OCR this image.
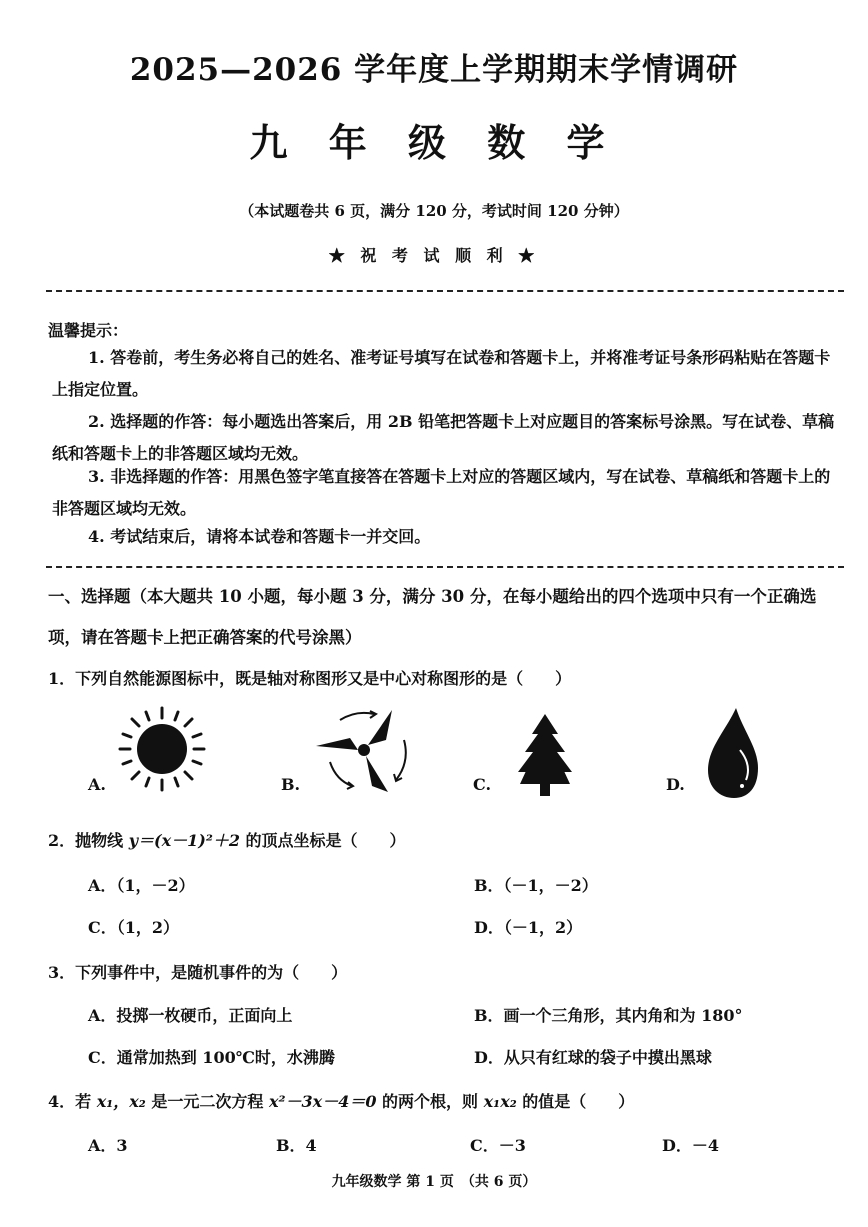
2025—2026 学年度上学期期末学情调研
九 年 级 数 学
（本试题卷共 6 页，满分 120 分，考试时间 120 分钟）
★ 祝 考 试 顺 利 ★
温馨提示：
1. 答卷前，考生务必将自己的姓名、准考证号填写在试卷和答题卡上，并将准考证号条形码粘贴在答题卡上指定位置。
2. 选择题的作答：每小题选出答案后，用 2B 铅笔把答题卡上对应题目的答案标号涂黑。写在试卷、草稿纸和答题卡上的非答题区域均无效。
3. 非选择题的作答：用黑色签字笔直接答在答题卡上对应的答题区域内，写在试卷、草稿纸和答题卡上的非答题区域均无效。
4. 考试结束后，请将本试卷和答题卡一并交回。
一、选择题（本大题共 10 小题，每小题 3 分，满分 30 分，在每小题给出的四个选项中只有一个正确选项，请在答题卡上把正确答案的代号涂黑）
1．下列自然能源图标中，既是轴对称图形又是中心对称图形的是（　　）
A.	B.	C.	D.
2．抛物线 y＝(x－1)²＋2 的顶点坐标是（　　）
A．（1，－2）	B．（－1，－2）
C．（1，2）	D．（－1，2）
3．下列事件中，是随机事件的为（　　）
A．投掷一枚硬币，正面向上	B．画一个三角形，其内角和为 180°
C．通常加热到 100℃时，水沸腾	D．从只有红球的袋子中摸出黑球
4．若 x₁，x₂ 是一元二次方程 x²－3x－4＝0 的两个根，则 x₁x₂ 的值是（　　）
A．3	B．4	C．－3	D．－4
九年级数学 第 1 页　（共 6 页）
